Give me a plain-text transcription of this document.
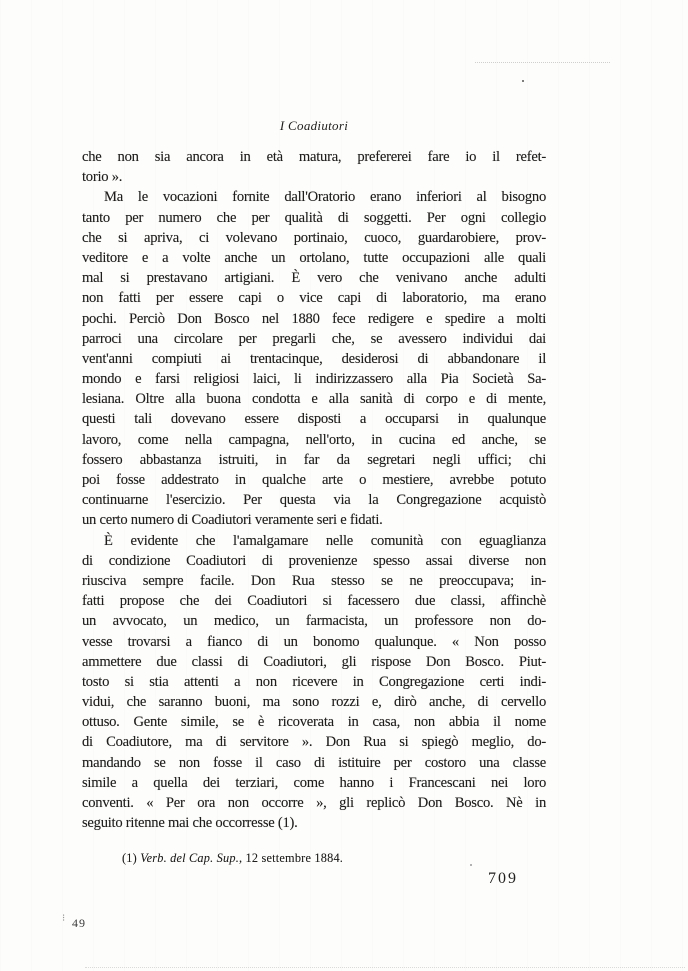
I Coadiutori
che non sia ancora in età matura, prefererei fare io il refet-
torio ».
Ma le vocazioni fornite dall'Oratorio erano inferiori al bisogno
tanto per numero che per qualità di soggetti. Per ogni collegio
che si apriva, ci volevano portinaio, cuoco, guardarobiere, prov-
veditore e a volte anche un ortolano, tutte occupazioni alle quali
mal si prestavano artigiani. È vero che venivano anche adulti
non fatti per essere capi o vice capi di laboratorio, ma erano
pochi. Perciò Don Bosco nel 1880 fece redigere e spedire a molti
parroci una circolare per pregarli che, se avessero individui dai
vent'anni compiuti ai trentacinque, desiderosi di abbandonare il
mondo e farsi religiosi laici, li indirizzassero alla Pia Società Sa-
lesiana. Oltre alla buona condotta e alla sanità di corpo e di mente,
questi tali dovevano essere disposti a occuparsi in qualunque
lavoro, come nella campagna, nell'orto, in cucina ed anche, se
fossero abbastanza istruiti, in far da segretari negli uffici; chi
poi fosse addestrato in qualche arte o mestiere, avrebbe potuto
continuarne l'esercizio. Per questa via la Congregazione acquistò
un certo numero di Coadiutori veramente seri e fidati.
È evidente che l'amalgamare nelle comunità con eguaglianza
di condizione Coadiutori di provenienze spesso assai diverse non
riusciva sempre facile. Don Rua stesso se ne preoccupava; in-
fatti propose che dei Coadiutori si facessero due classi, affinchè
un avvocato, un medico, un farmacista, un professore non do-
vesse trovarsi a fianco di un bonomo qualunque. « Non posso
ammettere due classi di Coadiutori, gli rispose Don Bosco. Piut-
tosto si stia attenti a non ricevere in Congregazione certi indi-
vidui, che saranno buoni, ma sono rozzi e, dirò anche, di cervello
ottuso. Gente simile, se è ricoverata in casa, non abbia il nome
di Coadiutore, ma di servitore ». Don Rua si spiegò meglio, do-
mandando se non fosse il caso di istituire per costoro una classe
simile a quella dei terziari, come hanno i Francescani nei loro
conventi. « Per ora non occorre », gli replicò Don Bosco. Nè in
seguito ritenne mai che occorresse (1).
(1) Verb. del Cap. Sup., 12 settembre 1884.
709
49
⁝
